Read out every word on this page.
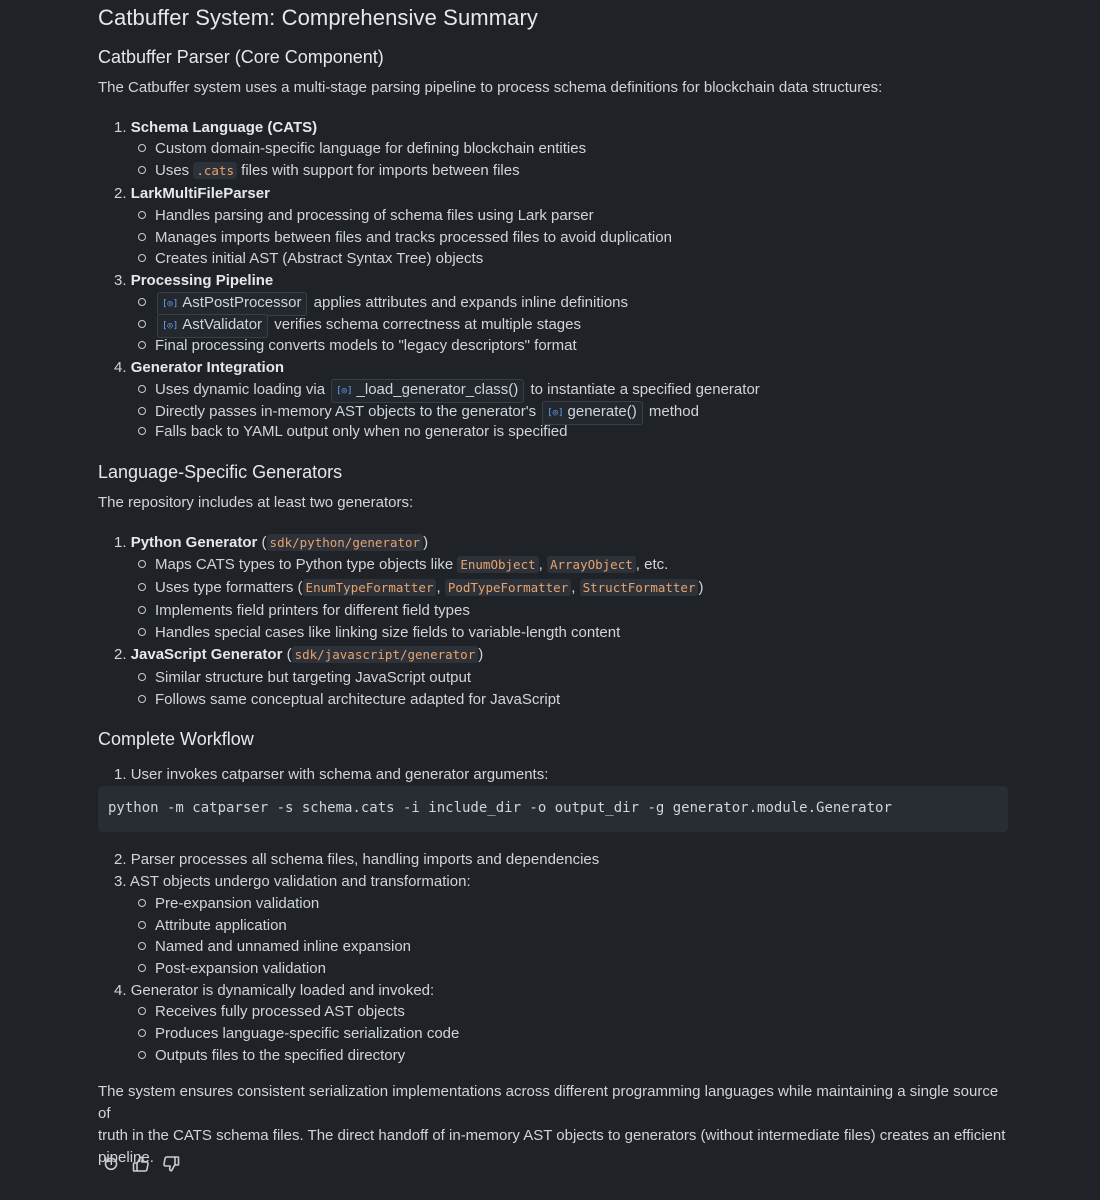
Catbuffer System: Comprehensive Summary
Catbuffer Parser (Core Component)

The Catbuffer system uses a multi-stage parsing pipeline to process schema definitions for blockchain data structures:

1. Schema Language (CATS)
Custom domain-specific language for defining blockchain entities
Uses .cats files with support for imports between files
2. LarkMultiFileParser
Handles parsing and processing of schema files using Lark parser
Manages imports between files and tracks processed files to avoid duplication
Creates initial AST (Abstract Syntax Tree) objects
3. Processing Pipeline
[◎] AstPostProcessor applies attributes and expands inline definitions
[◎] AstValidator verifies schema correctness at multiple stages
Final processing converts models to "legacy descriptors" format
4. Generator Integration
Uses dynamic loading via [◎] _load_generator_class() to instantiate a specified generator
Directly passes in-memory AST objects to the generator's [◎] generate() method
Falls back to YAML output only when no generator is specified
Language-Specific Generators

The repository includes at least two generators:

1. Python Generator ( sdk/python/generator )
Maps CATS types to Python type objects like EnumObject , ArrayObject , etc.
Uses type formatters ( EnumTypeFormatter , PodTypeFormatter , StructFormatter )
Implements field printers for different field types
Handles special cases like linking size fields to variable-length content
2. JavaScript Generator ( sdk/javascript/generator )
Similar structure but targeting JavaScript output
Follows same conceptual architecture adapted for JavaScript
Complete Workflow
1. User invokes catparser with schema and generator arguments:
2. Parser processes all schema files, handling imports and dependencies
3. AST objects undergo validation and transformation:
Pre-expansion validation
Attribute application
Named and unnamed inline expansion
Post-expansion validation
4. Generator is dynamically loaded and invoked:
Receives fully processed AST objects
Produces language-specific serialization code
Outputs files to the specified directory

The system ensures consistent serialization implementations across different programming languages while maintaining a single source of
truth in the CATS schema files. The direct handoff of in-memory AST objects to generators (without intermediate files) creates an efficient
pipeline.

python -m catparser -s schema.cats -i include_dir -o output_dir -g generator.module.Generator
